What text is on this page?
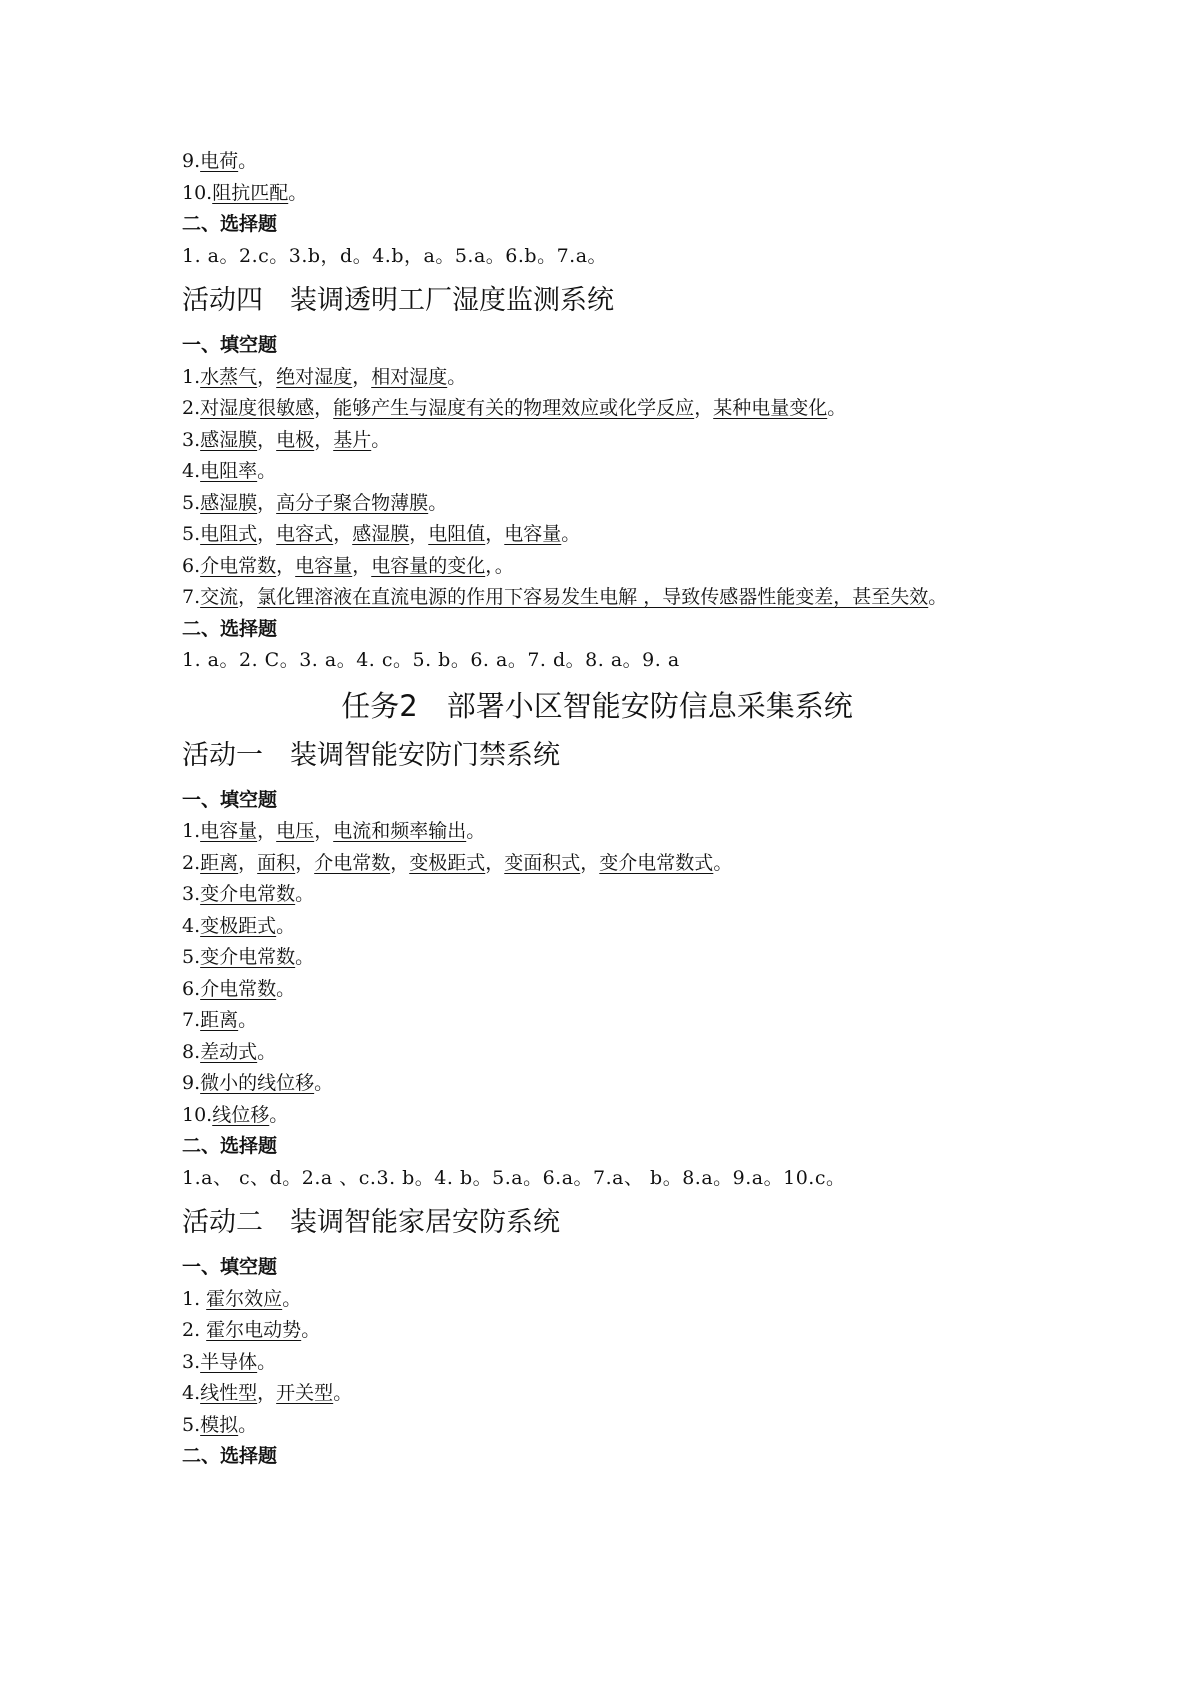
9.电荷。
10.阻抗匹配。
二、选择题
1. a。2.c。3.b，d。4.b，a。5.a。6.b。7.a。
活动四　装调透明工厂湿度监测系统
一、填空题
1.水蒸气，绝对湿度，相对湿度。
2.对湿度很敏感，能够产生与湿度有关的物理效应或化学反应，某种电量变化。
3.感湿膜，电极，基片。
4.电阻率。
5.感湿膜，高分子聚合物薄膜。
5.电阻式，电容式，感湿膜，电阻值，电容量。
6.介电常数，电容量，电容量的变化，。
7.交流，氯化锂溶液在直流电源的作用下容易发生电解 ，导致传感器性能变差，甚至失效。
二、选择题
1. a。2. C。3. a。4. c。5. b。6. a。7. d。8. a。9. a
任务2　部署小区智能安防信息采集系统
活动一　装调智能安防门禁系统
一、填空题
1.电容量，电压，电流和频率输出。
2.距离，面积，介电常数，变极距式，变面积式，变介电常数式。
3.变介电常数。
4.变极距式。
5.变介电常数。
6.介电常数。
7.距离。
8.差动式。
9.微小的线位移。
10.线位移。
二、选择题
1.a、 c、d。2.a 、c.3. b。4. b。5.a。6.a。7.a、 b。8.a。9.a。10.c。
活动二　装调智能家居安防系统
一、填空题
1. 霍尔效应。
2. 霍尔电动势。
3.半导体。
4.线性型，开关型。
5.模拟。
二、选择题
